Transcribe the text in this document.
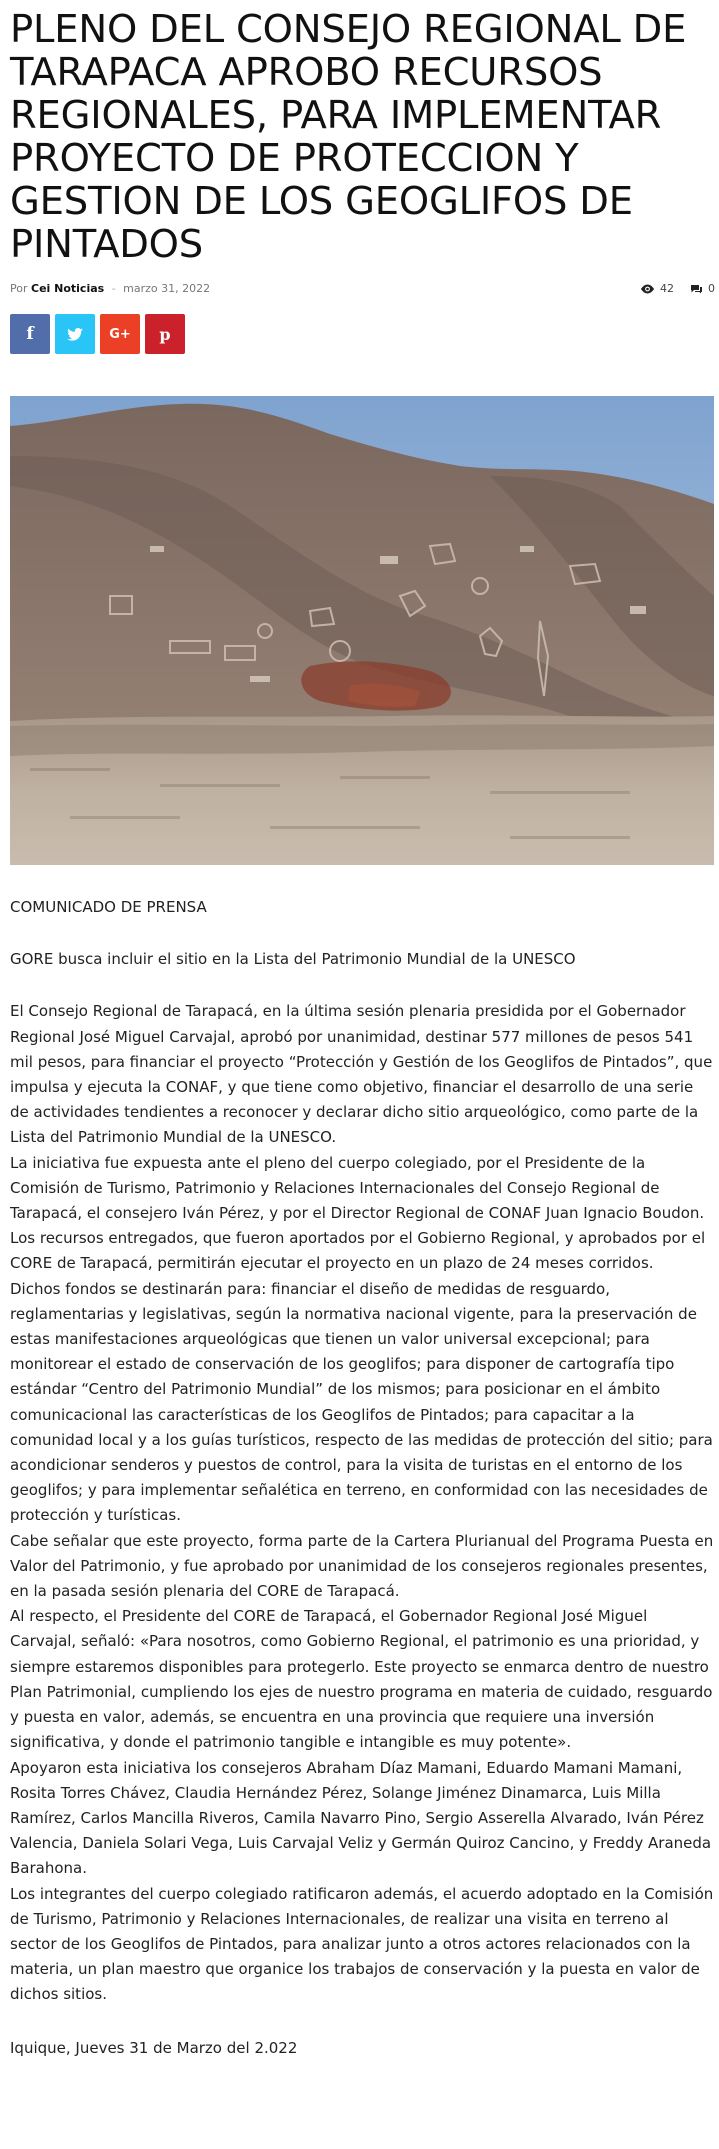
PLENO DEL CONSEJO REGIONAL DE TARAPACA APROBO RECURSOS REGIONALES, PARA IMPLEMENTAR PROYECTO DE PROTECCION Y GESTION DE LOS GEOGLIFOS DE PINTADOS
Por Cei Noticias - marzo 31, 2022	42	0
f	G+ p

COMUNICADO DE PRENSA

GORE busca incluir el sitio en la Lista del Patrimonio Mundial de la UNESCO

El Consejo Regional de Tarapacá, en la última sesión plenaria presidida por el Gobernador Regional José Miguel Carvajal, aprobó por unanimidad, destinar 577 millones de pesos 541 mil pesos, para financiar el proyecto “Protección y Gestión de los Geoglifos de Pintados”, que impulsa y ejecuta la CONAF, y que tiene como objetivo, financiar el desarrollo de una serie de actividades tendientes a reconocer y declarar dicho sitio arqueológico, como parte de la Lista del Patrimonio Mundial de la UNESCO.

La iniciativa fue expuesta ante el pleno del cuerpo colegiado, por el Presidente de la Comisión de Turismo, Patrimonio y Relaciones Internacionales del Consejo Regional de Tarapacá, el consejero Iván Pérez, y por el Director Regional de CONAF Juan Ignacio Boudon.

Los recursos entregados, que fueron aportados por el Gobierno Regional, y aprobados por el CORE de Tarapacá, permitirán ejecutar el proyecto en un plazo de 24 meses corridos.

Dichos fondos se destinarán para: financiar el diseño de medidas de resguardo, reglamentarias y legislativas, según la normativa nacional vigente, para la preservación de estas manifestaciones arqueológicas que tienen un valor universal excepcional; para monitorear el estado de conservación de los geoglifos; para disponer de cartografía tipo estándar “Centro del Patrimonio Mundial” de los mismos; para posicionar en el ámbito comunicacional las características de los Geoglifos de Pintados; para capacitar a la comunidad local y a los guías turísticos, respecto de las medidas de protección del sitio; para acondicionar senderos y puestos de control, para la visita de turistas en el entorno de los geoglifos; y para implementar señalética en terreno, en conformidad con las necesidades de protección y turísticas.

Cabe señalar que este proyecto, forma parte de la Cartera Plurianual del Programa Puesta en Valor del Patrimonio, y fue aprobado por unanimidad de los consejeros regionales presentes, en la pasada sesión plenaria del CORE de Tarapacá.

Al respecto, el Presidente del CORE de Tarapacá, el Gobernador Regional José Miguel Carvajal, señaló: «Para nosotros, como Gobierno Regional, el patrimonio es una prioridad, y siempre estaremos disponibles para protegerlo. Este proyecto se enmarca dentro de nuestro Plan Patrimonial, cumpliendo los ejes de nuestro programa en materia de cuidado, resguardo y puesta en valor, además, se encuentra en una provincia que requiere una inversión significativa, y donde el patrimonio tangible e intangible es muy potente».

Apoyaron esta iniciativa los consejeros Abraham Díaz Mamani, Eduardo Mamani Mamani, Rosita Torres Chávez, Claudia Hernández Pérez, Solange Jiménez Dinamarca, Luis Milla Ramírez, Carlos Mancilla Riveros, Camila Navarro Pino, Sergio Asserella Alvarado, Iván Pérez Valencia, Daniela Solari Vega, Luis Carvajal Veliz y Germán Quiroz Cancino, y Freddy Araneda Barahona.

Los integrantes del cuerpo colegiado ratificaron además, el acuerdo adoptado en la Comisión de Turismo, Patrimonio y Relaciones Internacionales, de realizar una visita en terreno al sector de los Geoglifos de Pintados, para analizar junto a otros actores relacionados con la materia, un plan maestro que organice los trabajos de conservación y la puesta en valor de dichos sitios.

Iquique, Jueves 31 de Marzo del 2.022
